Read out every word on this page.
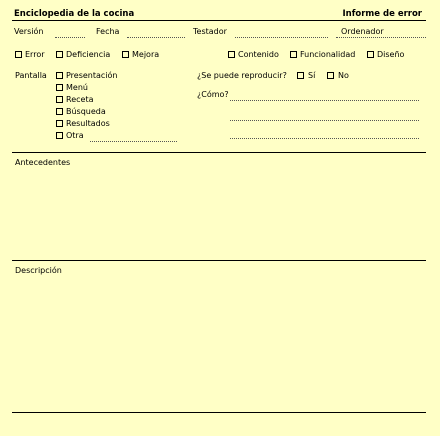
Enciclopedia de la cocina	Informe de error
Versión	Fecha	Testador	Ordenador
Error	Deficiencia	Mejora	Contenido	Funcionalidad	Diseño
Pantalla Presentación
Menú
Receta
Búsqueda
Resultados
Otra
¿Se puede reproducir?	Sí	No
¿Cómo?
Antecedentes
Descripción
